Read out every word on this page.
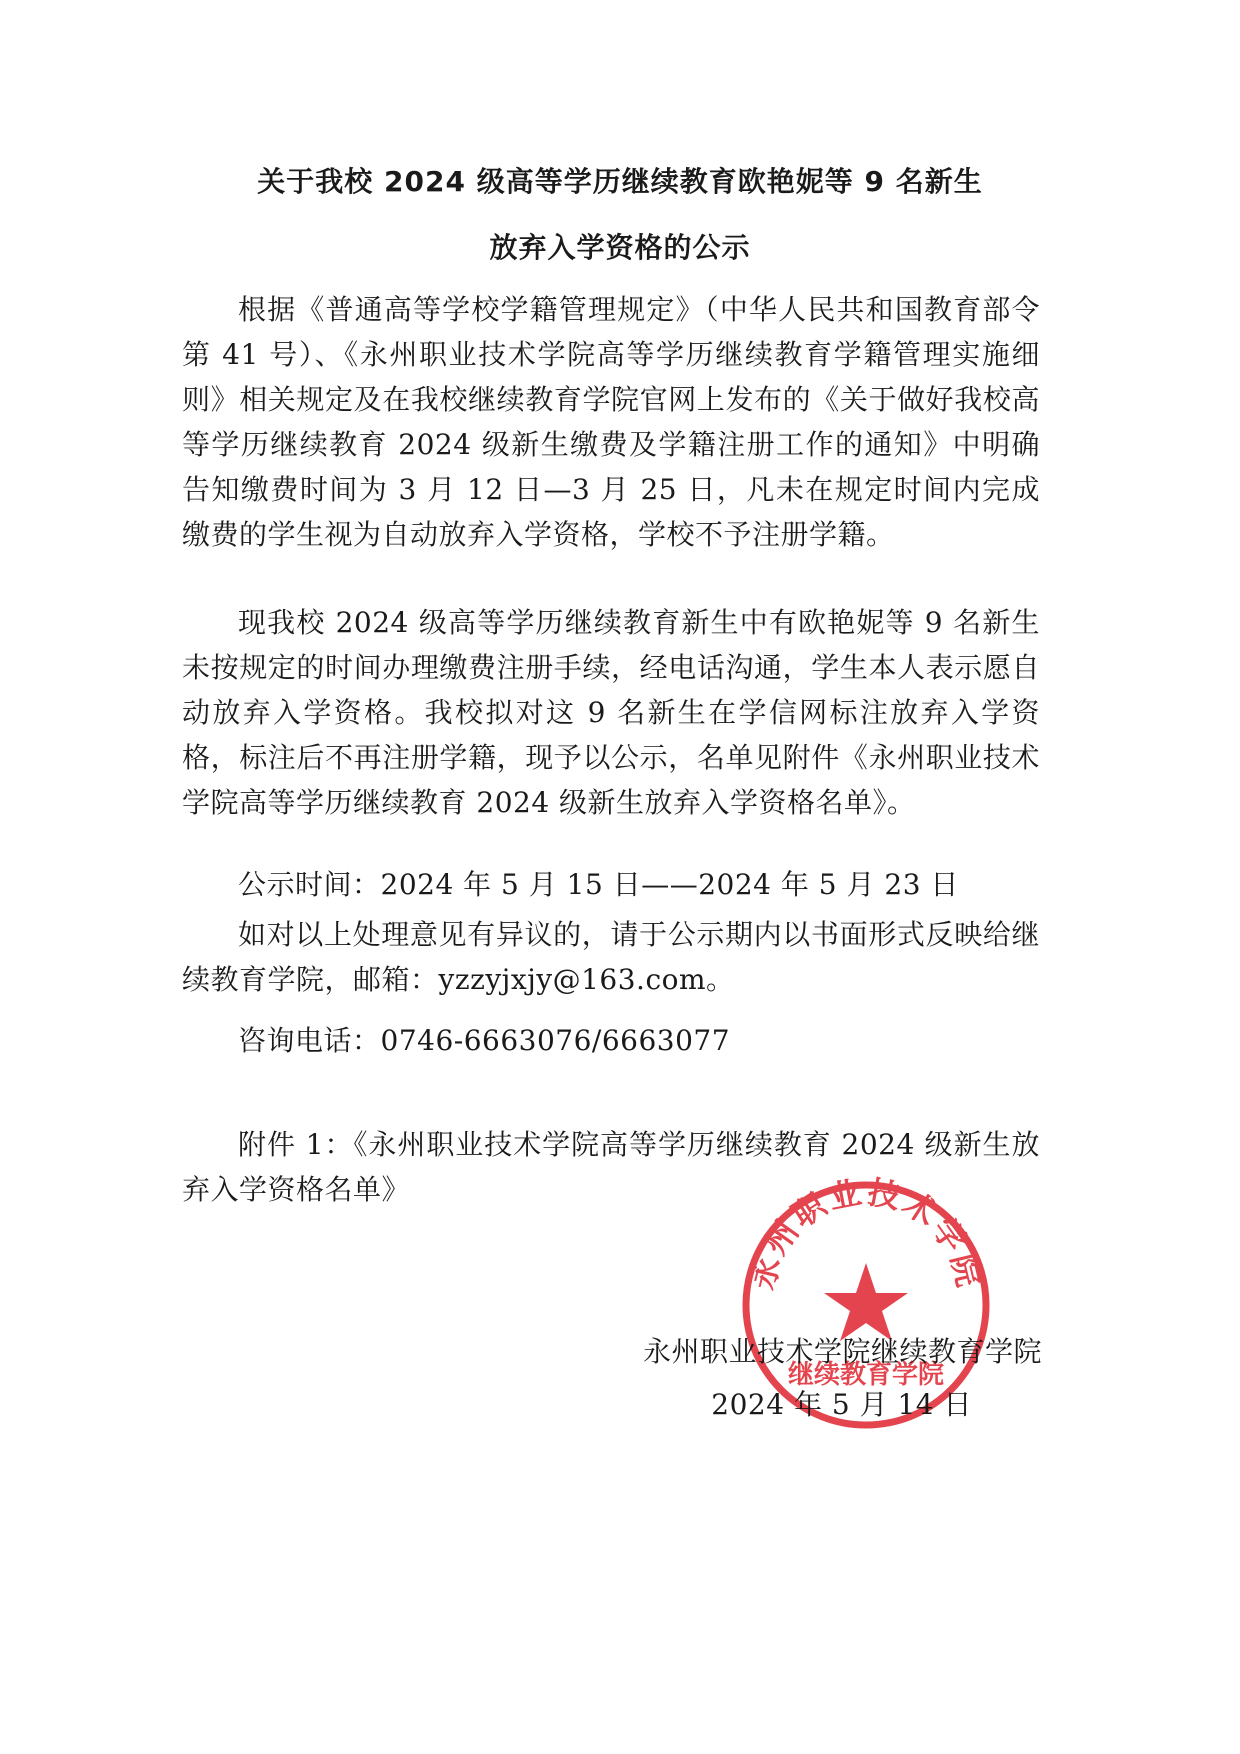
关于我校 2024 级高等学历继续教育欧艳妮等 9 名新生
放弃入学资格的公示

根据《普通高等学校学籍管理规定》（中华人民共和国教育部令第 41 号）、《永州职业技术学院高等学历继续教育学籍管理实施细则》相关规定及在我校继续教育学院官网上发布的《关于做好我校高等学历继续教育 2024 级新生缴费及学籍注册工作的通知》中明确告知缴费时间为 3 月 12 日—3 月 25 日，凡未在规定时间内完成缴费的学生视为自动放弃入学资格，学校不予注册学籍。

现我校 2024 级高等学历继续教育新生中有欧艳妮等 9 名新生未按规定的时间办理缴费注册手续，经电话沟通，学生本人表示愿自动放弃入学资格。我校拟对这 9 名新生在学信网标注放弃入学资格，标注后不再注册学籍，现予以公示，名单见附件《永州职业技术学院高等学历继续教育 2024 级新生放弃入学资格名单》。

公示时间：2024 年 5 月 15 日——2024 年 5 月 23 日

如对以上处理意见有异议的，请于公示期内以书面形式反映给继续教育学院，邮箱：yzzyjxjy@163.com。

咨询电话：0746-6663076/6663077

附件 1：《永州职业技术学院高等学历继续教育 2024 级新生放弃入学资格名单》

永州职业技术学院
继续教育学院
永州职业技术学院继续教育学院
2024 年 5 月 14 日
